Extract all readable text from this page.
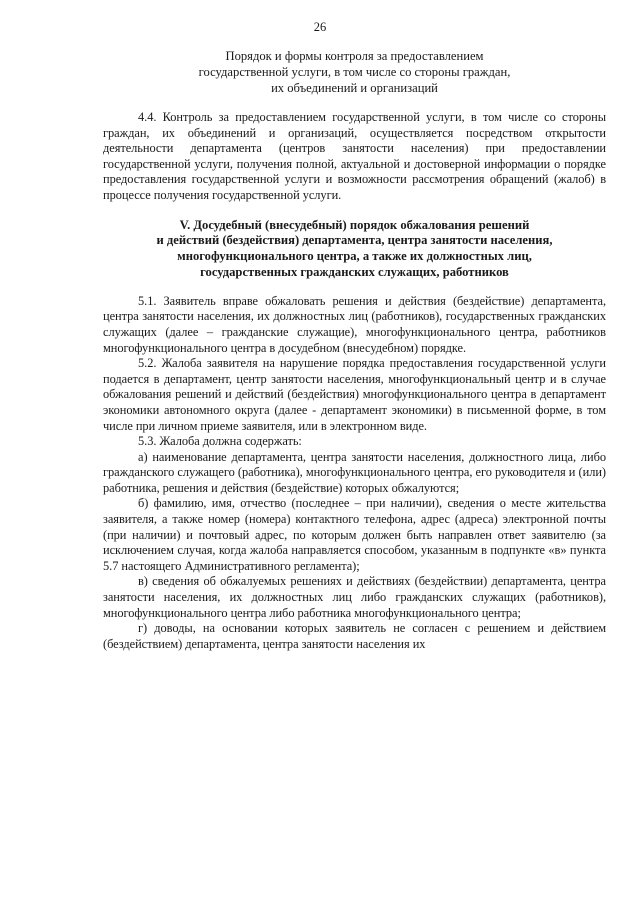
26
Порядок и формы контроля за предоставлением
государственной услуги, в том числе со стороны граждан,
их объединений и организаций

4.4. Контроль за предоставлением государственной услуги, в том числе со стороны граждан, их объединений и организаций, осуществляется посредством открытости деятельности департамента (центров занятости населения) при предоставлении государственной услуги, получения полной, актуальной и достоверной информации о порядке предоставления государственной услуги и возможности рассмотрения обращений (жалоб) в процессе получения государственной услуги.

V. Досудебный (внесудебный) порядок обжалования решений
и действий (бездействия) департамента, центра занятости населения,
многофункционального центра, а также их должностных лиц,
государственных гражданских служащих, работников

5.1. Заявитель вправе обжаловать решения и действия (бездействие) департамента, центра занятости населения, их должностных лиц (работников), государственных гражданских служащих (далее – гражданские служащие), многофункционального центра, работников многофункционального центра в досудебном (внесудебном) порядке.

5.2. Жалоба заявителя на нарушение порядка предоставления государственной услуги подается в департамент, центр занятости населения, многофункциональный центр и в случае обжалования решений и действий (бездействия) многофункционального центра в департамент экономики автономного округа (далее - департамент экономики) в письменной форме, в том числе при личном приеме заявителя, или в электронном виде.

5.3. Жалоба должна содержать:

а) наименование департамента, центра занятости населения, должностного лица, либо гражданского служащего (работника), многофункционального центра, его руководителя и (или) работника, решения и действия (бездействие) которых обжалуются;

б) фамилию, имя, отчество (последнее – при наличии), сведения о месте жительства заявителя, а также номер (номера) контактного телефона, адрес (адреса) электронной почты (при наличии) и почтовый адрес, по которым должен быть направлен ответ заявителю (за исключением случая, когда жалоба направляется способом, указанным в подпункте «в» пункта 5.7 настоящего Административного регламента);

в) сведения об обжалуемых решениях и действиях (бездействии) департамента, центра занятости населения, их должностных лиц либо гражданских служащих (работников), многофункционального центра либо работника многофункционального центра;

г) доводы, на основании которых заявитель не согласен с решением и действием (бездействием) департамента, центра занятости населения их
